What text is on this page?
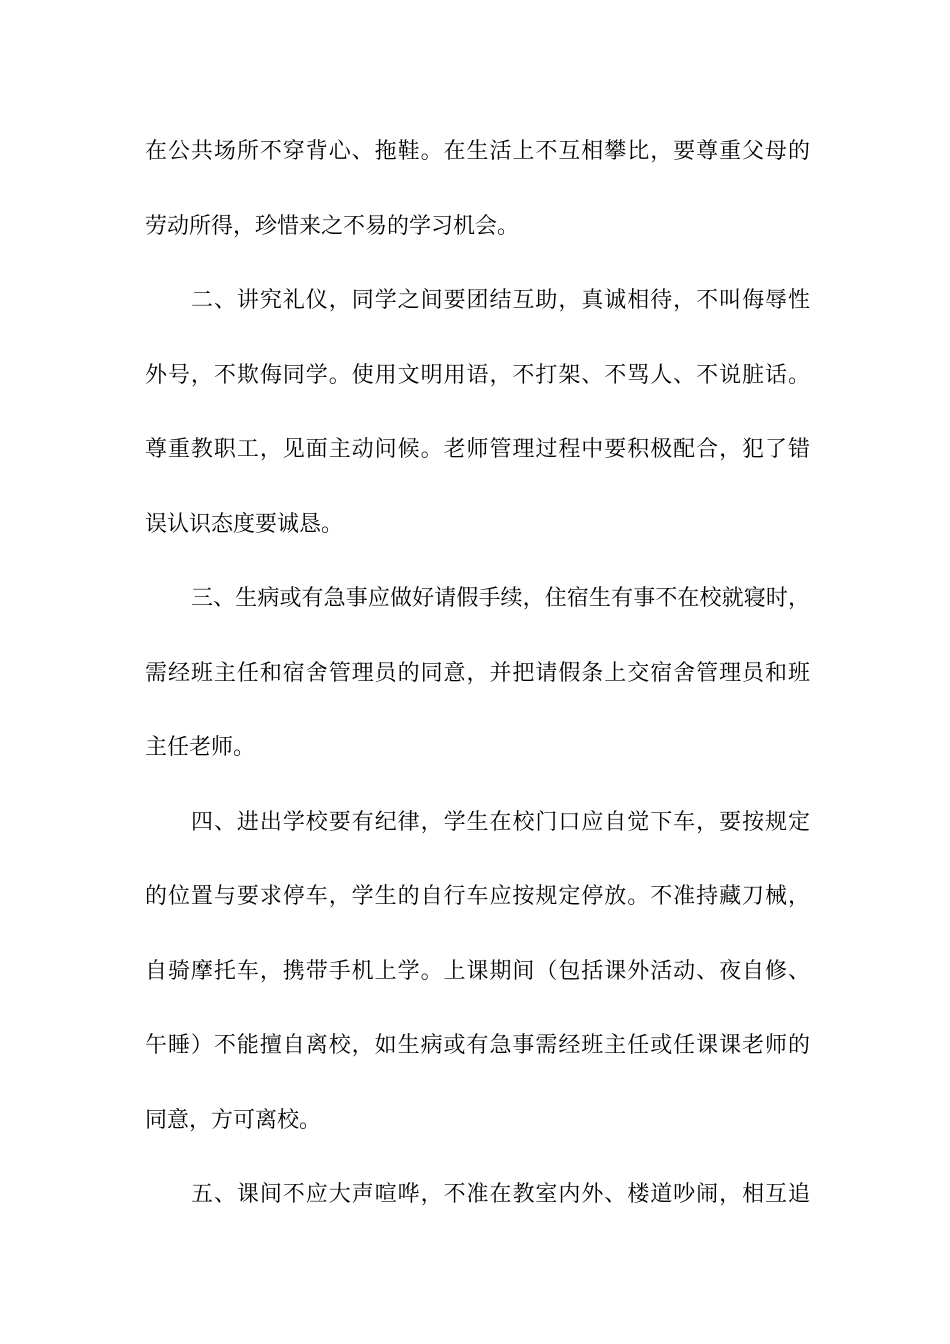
在公共场所不穿背心、拖鞋。在生活上不互相攀比，要尊重父母的
劳动所得，珍惜来之不易的学习机会。
二、讲究礼仪，同学之间要团结互助，真诚相待，不叫侮辱性
外号，不欺侮同学。使用文明用语，不打架、不骂人、不说脏话。
尊重教职工，见面主动问候。老师管理过程中要积极配合，犯了错
误认识态度要诚恳。
三、生病或有急事应做好请假手续，住宿生有事不在校就寝时，
需经班主任和宿舍管理员的同意，并把请假条上交宿舍管理员和班
主任老师。
四、进出学校要有纪律，学生在校门口应自觉下车，要按规定
的位置与要求停车，学生的自行车应按规定停放。不准持藏刀械，
自骑摩托车，携带手机上学。上课期间（包括课外活动、夜自修、
午睡）不能擅自离校，如生病或有急事需经班主任或任课课老师的
同意，方可离校。
五、课间不应大声喧哗，不准在教室内外、楼道吵闹，相互追
